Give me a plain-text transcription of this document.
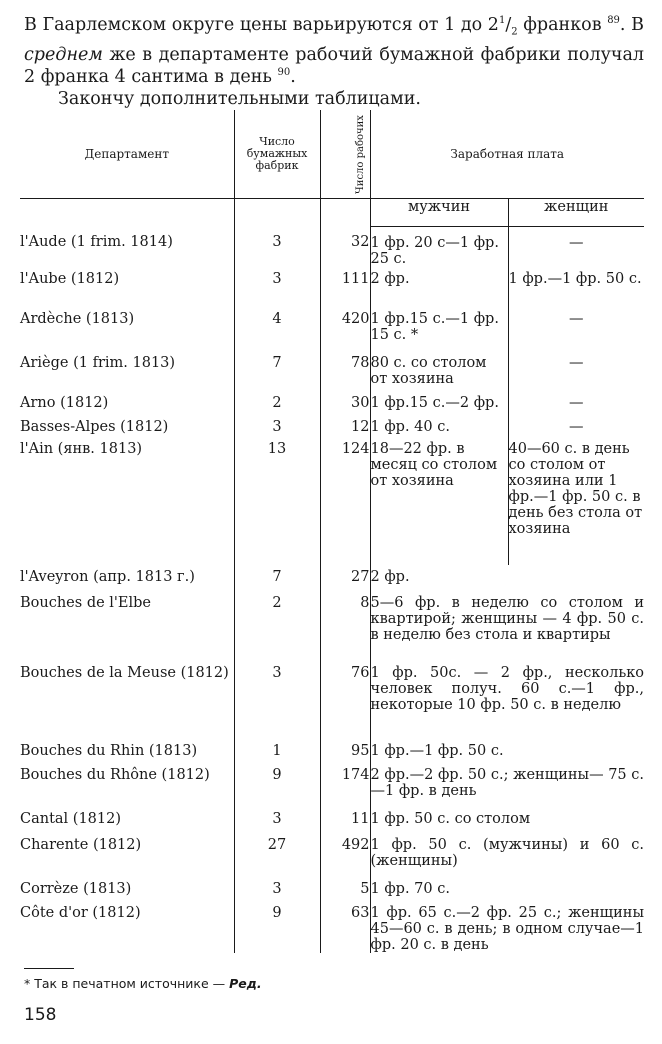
В Гаарлемском округе цены варьируются от 1 до $2^1/_2$ франков $^{89}$. В среднем же в департаменте рабочий бумажной фабрики получал 2 франка 4 сантима в день $^{90}$.

Закончу дополнительными таблицами.

Департамент	Число бумажных фабрик	Число рабочих	Заработная плата	
			мужчин	женщин
l'Aude (1 frim. 1814)	3	32	1 фр. 20 с—1 фр. 25 с.	—
l'Aube (1812)	3	111	2 фр.	1 фр.—1 фр. 50 с.
Ardèche (1813)	4	420	1 фр.15 с.—1 фр. 15 с. *	—
Ariège (1 frim. 1813)	7	78	80 с. со столом от хозяина	—
Arno (1812)	2	30	1 фр.15 с.—2 фр.	—
Basses-Alpes (1812)	3	12	1 фр. 40 с.	—
l'Ain (янв. 1813)	13	124	18—22 фр. в месяц со столом от хозяина	40—60 с. в день со столом от хозяина или 1 фр.—1 фр. 50 с. в день без стола от хозяина
l'Aveyron (апр. 1813 г.)	7	27	2 фр.	
Bouches de l'Elbe	2	8	5—6 фр. в неделю со столом и квартирой; женщины — 4 фр. 50 с. в неделю без стола и квартиры	
Bouches de la Meuse (1812)	3	76	1 фр. 50с. — 2 фр., несколько человек получ. 60 с.—1 фр., некоторые 10 фр. 50 с. в неделю	
Bouches du Rhin (1813)	1	95	1 фр.—1 фр. 50 с.	
Bouches du Rhône (1812)	9	174	2 фр.—2 фр. 50 с.; женщины— 75 с.—1 фр. в день	
Cantal (1812)	3	11	1 фр. 50 с. со столом	
Charente (1812)	27	492	1 фр. 50 с. (мужчины) и 60 с. (женщины)	
Corrèze (1813)	3	5	1 фр. 70 с.	
Côte d'or (1812)	9	63	1 фр. 65 с.—2 фр. 25 с.; женщины 45—60 с. в день; в одном случае—1 фр. 20 с. в день	
* Так в печатном источнике — Ред.
158
